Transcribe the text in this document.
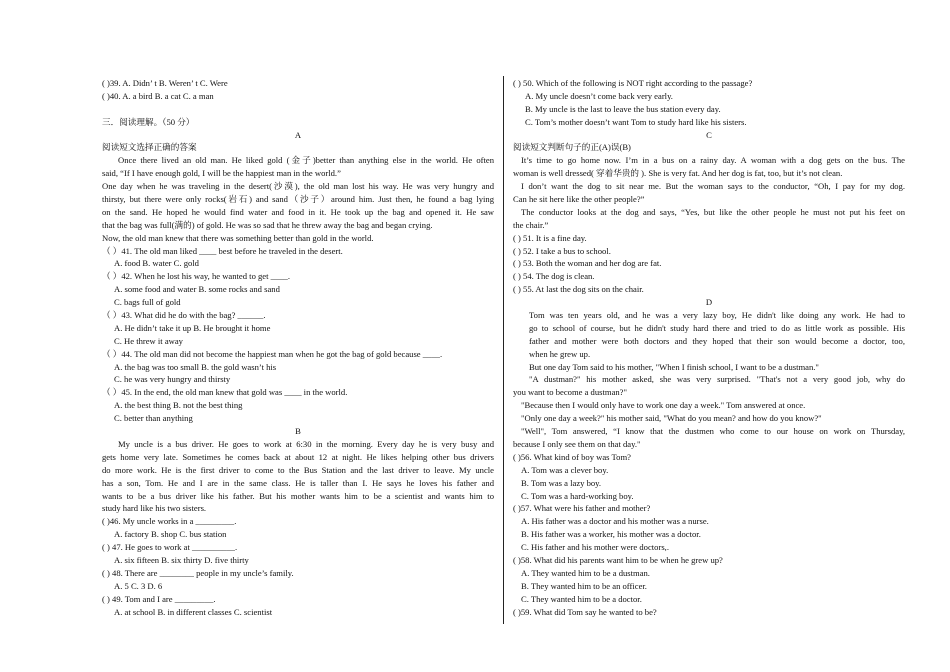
( )39. A. Didn’ t B. Weren’ t C. Were
( )40. A. a bird B. a cat C. a man
三．阅读理解。（50 分）
A
阅读短文选择正确的答案
Once there lived an old man. He liked gold (金子)better than anything else in the world. He often
said, “If I have enough gold, I will be the happiest man in the world.”
One day when he was traveling in the desert(沙漠), the old man lost his way. He was very hungry and
thirsty, but there were only rocks(岩石) and sand（沙子）around him. Just then, he found a bag lying
on the sand. He hoped he would find water and food in it. He took up the bag and opened it. He saw
that the bag was full(满的) of gold. He was so sad that he threw away the bag and began crying.
Now, the old man knew that there was something better than gold in the world.
（ ）41. The old man liked ____ best before he traveled in the desert.
A. food B. water C. gold
（ ）42. When he lost his way, he wanted to get ____.
A. some food and water B. some rocks and sand
C. bags full of gold
（ ）43. What did he do with the bag? ______.
A. He didn’t take it up B. He brought it home
C. He threw it away
（ ）44. The old man did not become the happiest man when he got the bag of gold because ____.
A. the bag was too small B. the gold wasn’t his
C. he was very hungry and thirsty
（ ）45. In the end, the old man knew that gold was ____ in the world.
A. the best thing B. not the best thing
C. better than anything
B
My uncle is a bus driver. He goes to work at 6:30 in the morning. Every day he is very busy and
gets home very late. Sometimes he comes back at about 12 at night. He likes helping other bus drivers
do more work. He is the first driver to come to the Bus Station and the last driver to leave. My uncle
has a son, Tom. He and I are in the same class. He is taller than I. He says he loves his father and
wants to be a bus driver like his father. But his mother wants him to be a scientist and wants him to
study hard like his two sisters.
( )46. My uncle works in a _________.
A. factory B. shop C. bus station
( ) 47. He goes to work at __________.
A. six fifteen B. six thirty D. five thirty
( ) 48. There are ________ people in my uncle’s family.
A. 5 C. 3 D. 6
( ) 49. Tom and I are _________.
A. at school B. in different classes C. scientist
( ) 50. Which of the following is NOT right according to the passage?
A. My uncle doesn’t come back very early.
B. My uncle is the last to leave the bus station every day.
C. Tom’s mother doesn’t want Tom to study hard like his sisters.
C
阅读短文判断句子的正(A)误(B)
It’s time to go home now. I’m in a bus on a rainy day. A woman with a dog gets on the bus. The
woman is well dressed( 穿着华贵的 ). She is very fat. And her dog is fat, too, but it’s not clean.
I don’t want the dog to sit near me. But the woman says to the conductor, “Oh, I pay for my dog.
Can he sit here like the other people?”
The conductor looks at the dog and says, “Yes, but like the other people he must not put his feet on
the chair.”
( ) 51. It is a fine day.
( ) 52. I take a bus to school.
( ) 53. Both the woman and her dog are fat.
( ) 54. The dog is clean.
( ) 55. At last the dog sits on the chair.
D
Tom was ten years old, and he was a very lazy boy, He didn't like doing any work. He had to
go to school of course, but he didn't study hard there and tried to do as little work as possible. His
father and mother were both doctors and they hoped that their son would become a doctor, too,
when he grew up.
But one day Tom said to his mother, "When I finish school, I want to be a dustman."
"A dustman?" his mother asked, she was very surprised. "That's not a very good job, why do
you want to become a dustman?"
"Because then I would only have to work one day a week." Tom answered at once.
"Only one day a week?" his mother said, "What do you mean? and how do you know?"
"Well", Tom answered, “I know that the dustmen who come to our house on work on Thursday,
because I only see them on that day."
( )56. What kind of boy was Tom?
A. Tom was a clever boy.
B. Tom was a lazy boy.
C. Tom was a hard-working boy.
( )57. What were his father and mother?
A. His father was a doctor and his mother was a nurse.
B. His father was a worker, his mother was a doctor.
C. His father and his mother were doctors,.
( )58. What did his parents want him to be when he grew up?
A. They wanted him to be a dustman.
B. They wanted him to be an officer.
C. They wanted him to be a doctor.
( )59. What did Tom say he wanted to be?
